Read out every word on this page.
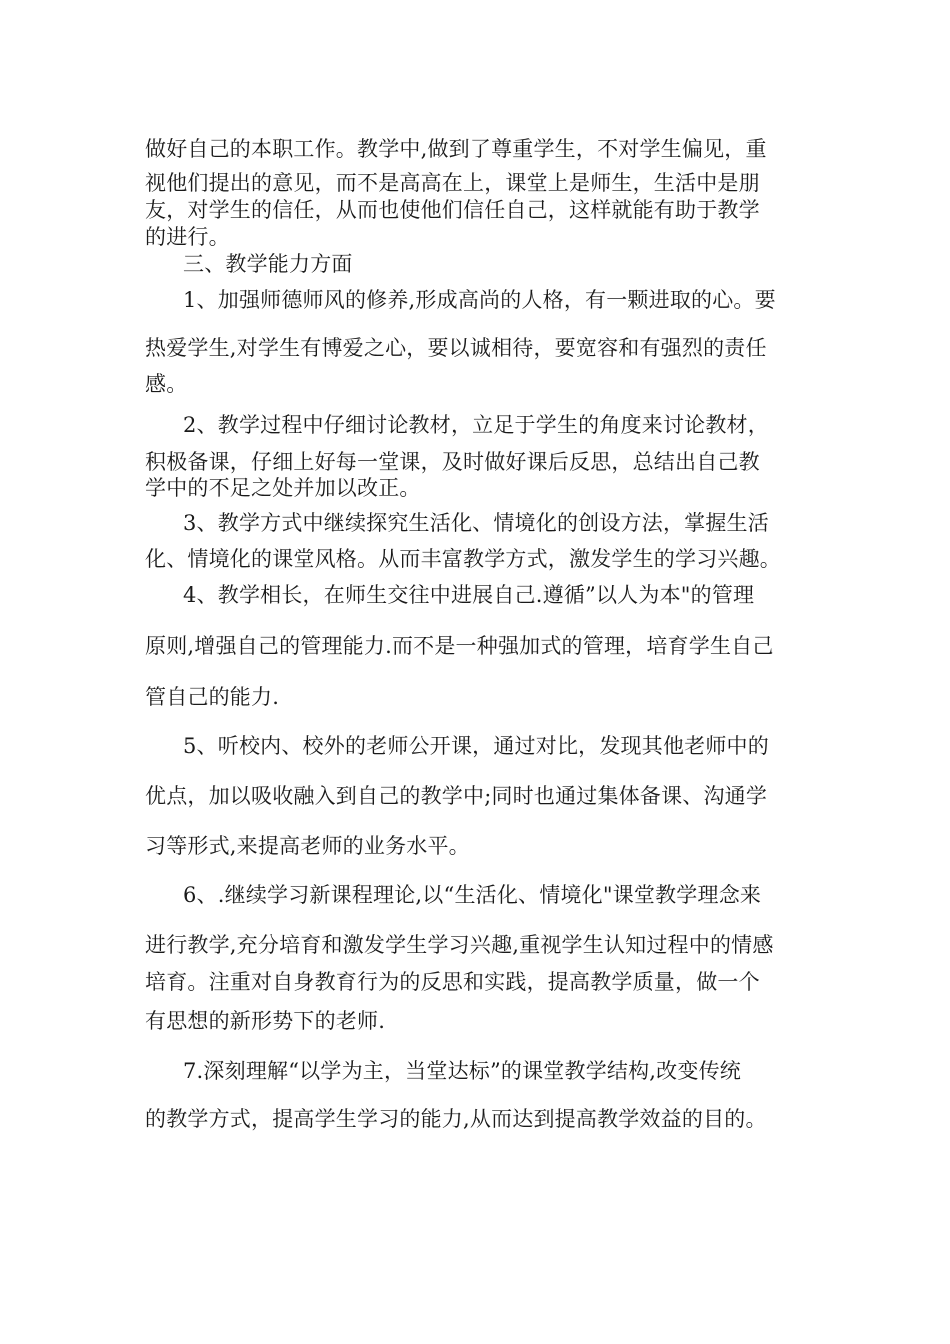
做好自己的本职工作。教学中,做到了尊重学生，不对学生偏见，重
视他们提出的意见，而不是高高在上，课堂上是师生，生活中是朋
友，对学生的信任，从而也使他们信任自己，这样就能有助于教学
的进行。
三、教学能力方面
1、加强师德师风的修养,形成高尚的人格，有一颗进取的心。要
热爱学生,对学生有博爱之心，要以诚相待，要宽容和有强烈的责任
感。
2、教学过程中仔细讨论教材，立足于学生的角度来讨论教材，
积极备课，仔细上好每一堂课，及时做好课后反思，总结出自己教
学中的不足之处并加以改正。
3、教学方式中继续探究生活化、情境化的创设方法，掌握生活
化、情境化的课堂风格。从而丰富教学方式，激发学生的学习兴趣。
4、教学相长，在师生交往中进展自己.遵循”以人为本"的管理
原则,增强自己的管理能力.而不是一种强加式的管理，培育学生自己
管自己的能力.
5、听校内、校外的老师公开课，通过对比，发现其他老师中的
优点，加以吸收融入到自己的教学中;同时也通过集体备课、沟通学
习等形式,来提高老师的业务水平。
6、.继续学习新课程理论,以“生活化、情境化"课堂教学理念来
进行教学,充分培育和激发学生学习兴趣,重视学生认知过程中的情感
培育。注重对自身教育行为的反思和实践，提高教学质量，做一个
有思想的新形势下的老师.
7.深刻理解“以学为主，当堂达标”的课堂教学结构,改变传统
的教学方式，提高学生学习的能力,从而达到提高教学效益的目的。
